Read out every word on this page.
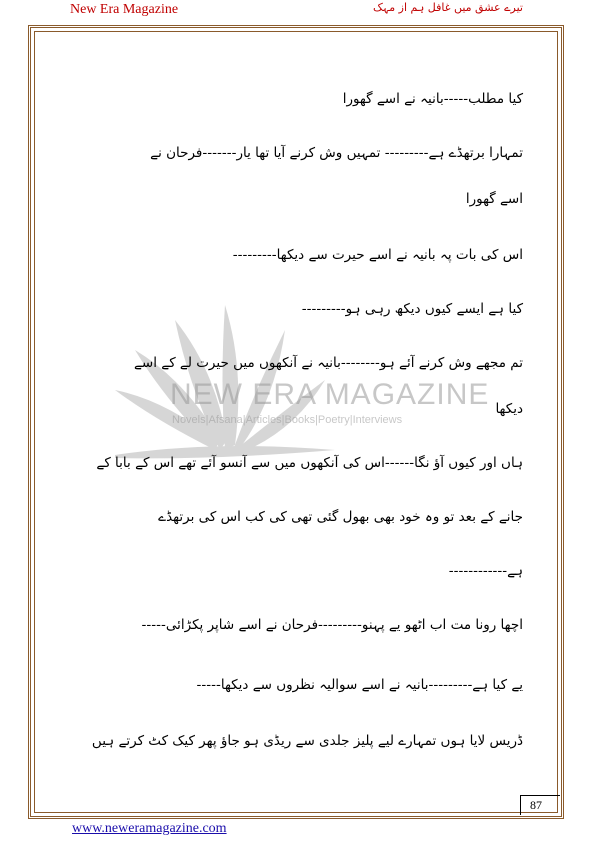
New Era Magazine	تیرے عشق میں غافل ہم از مہک
NEW ERA MAGAZINE
Novels|Afsana|Articles|Books|Poetry|Interviews
کیا مطلب-----بانیہ نے اسے گھورا
تمہارا برتھڈے ہے--------- تمہیں وش کرنے آیا تھا یار-------فرحان نے
اسے گھورا
اس کی بات پہ بانیہ نے اسے حیرت سے دیکھا---------
کیا ہے ایسے کیوں دیکھ رہی ہو---------
تم مجھے وش کرنے آئے ہو--------بانیہ نے آنکھوں میں حیرت لے کے اسے
دیکھا
ہاں اور کیوں آؤ نگا------اس کی آنکھوں میں سے آنسو آئے تھے اس کے بابا کے
جانے کے بعد تو وہ خود بھی بھول گئی تھی کی کب اس کی برتھڈے
ہے------------
اچھا رونا مت اب اٹھو یے پہنو---------فرحان نے اسے شاپر پکڑائی-----
یے کیا ہے---------بانیہ نے اسے سوالیہ نظروں سے دیکھا-----
ڈریس لایا ہوں تمہارے لیے پلیز جلدی سے ریڈی ہو جاؤ پھر کیک کٹ کرتے ہیں
87
www.neweramagazine.com
